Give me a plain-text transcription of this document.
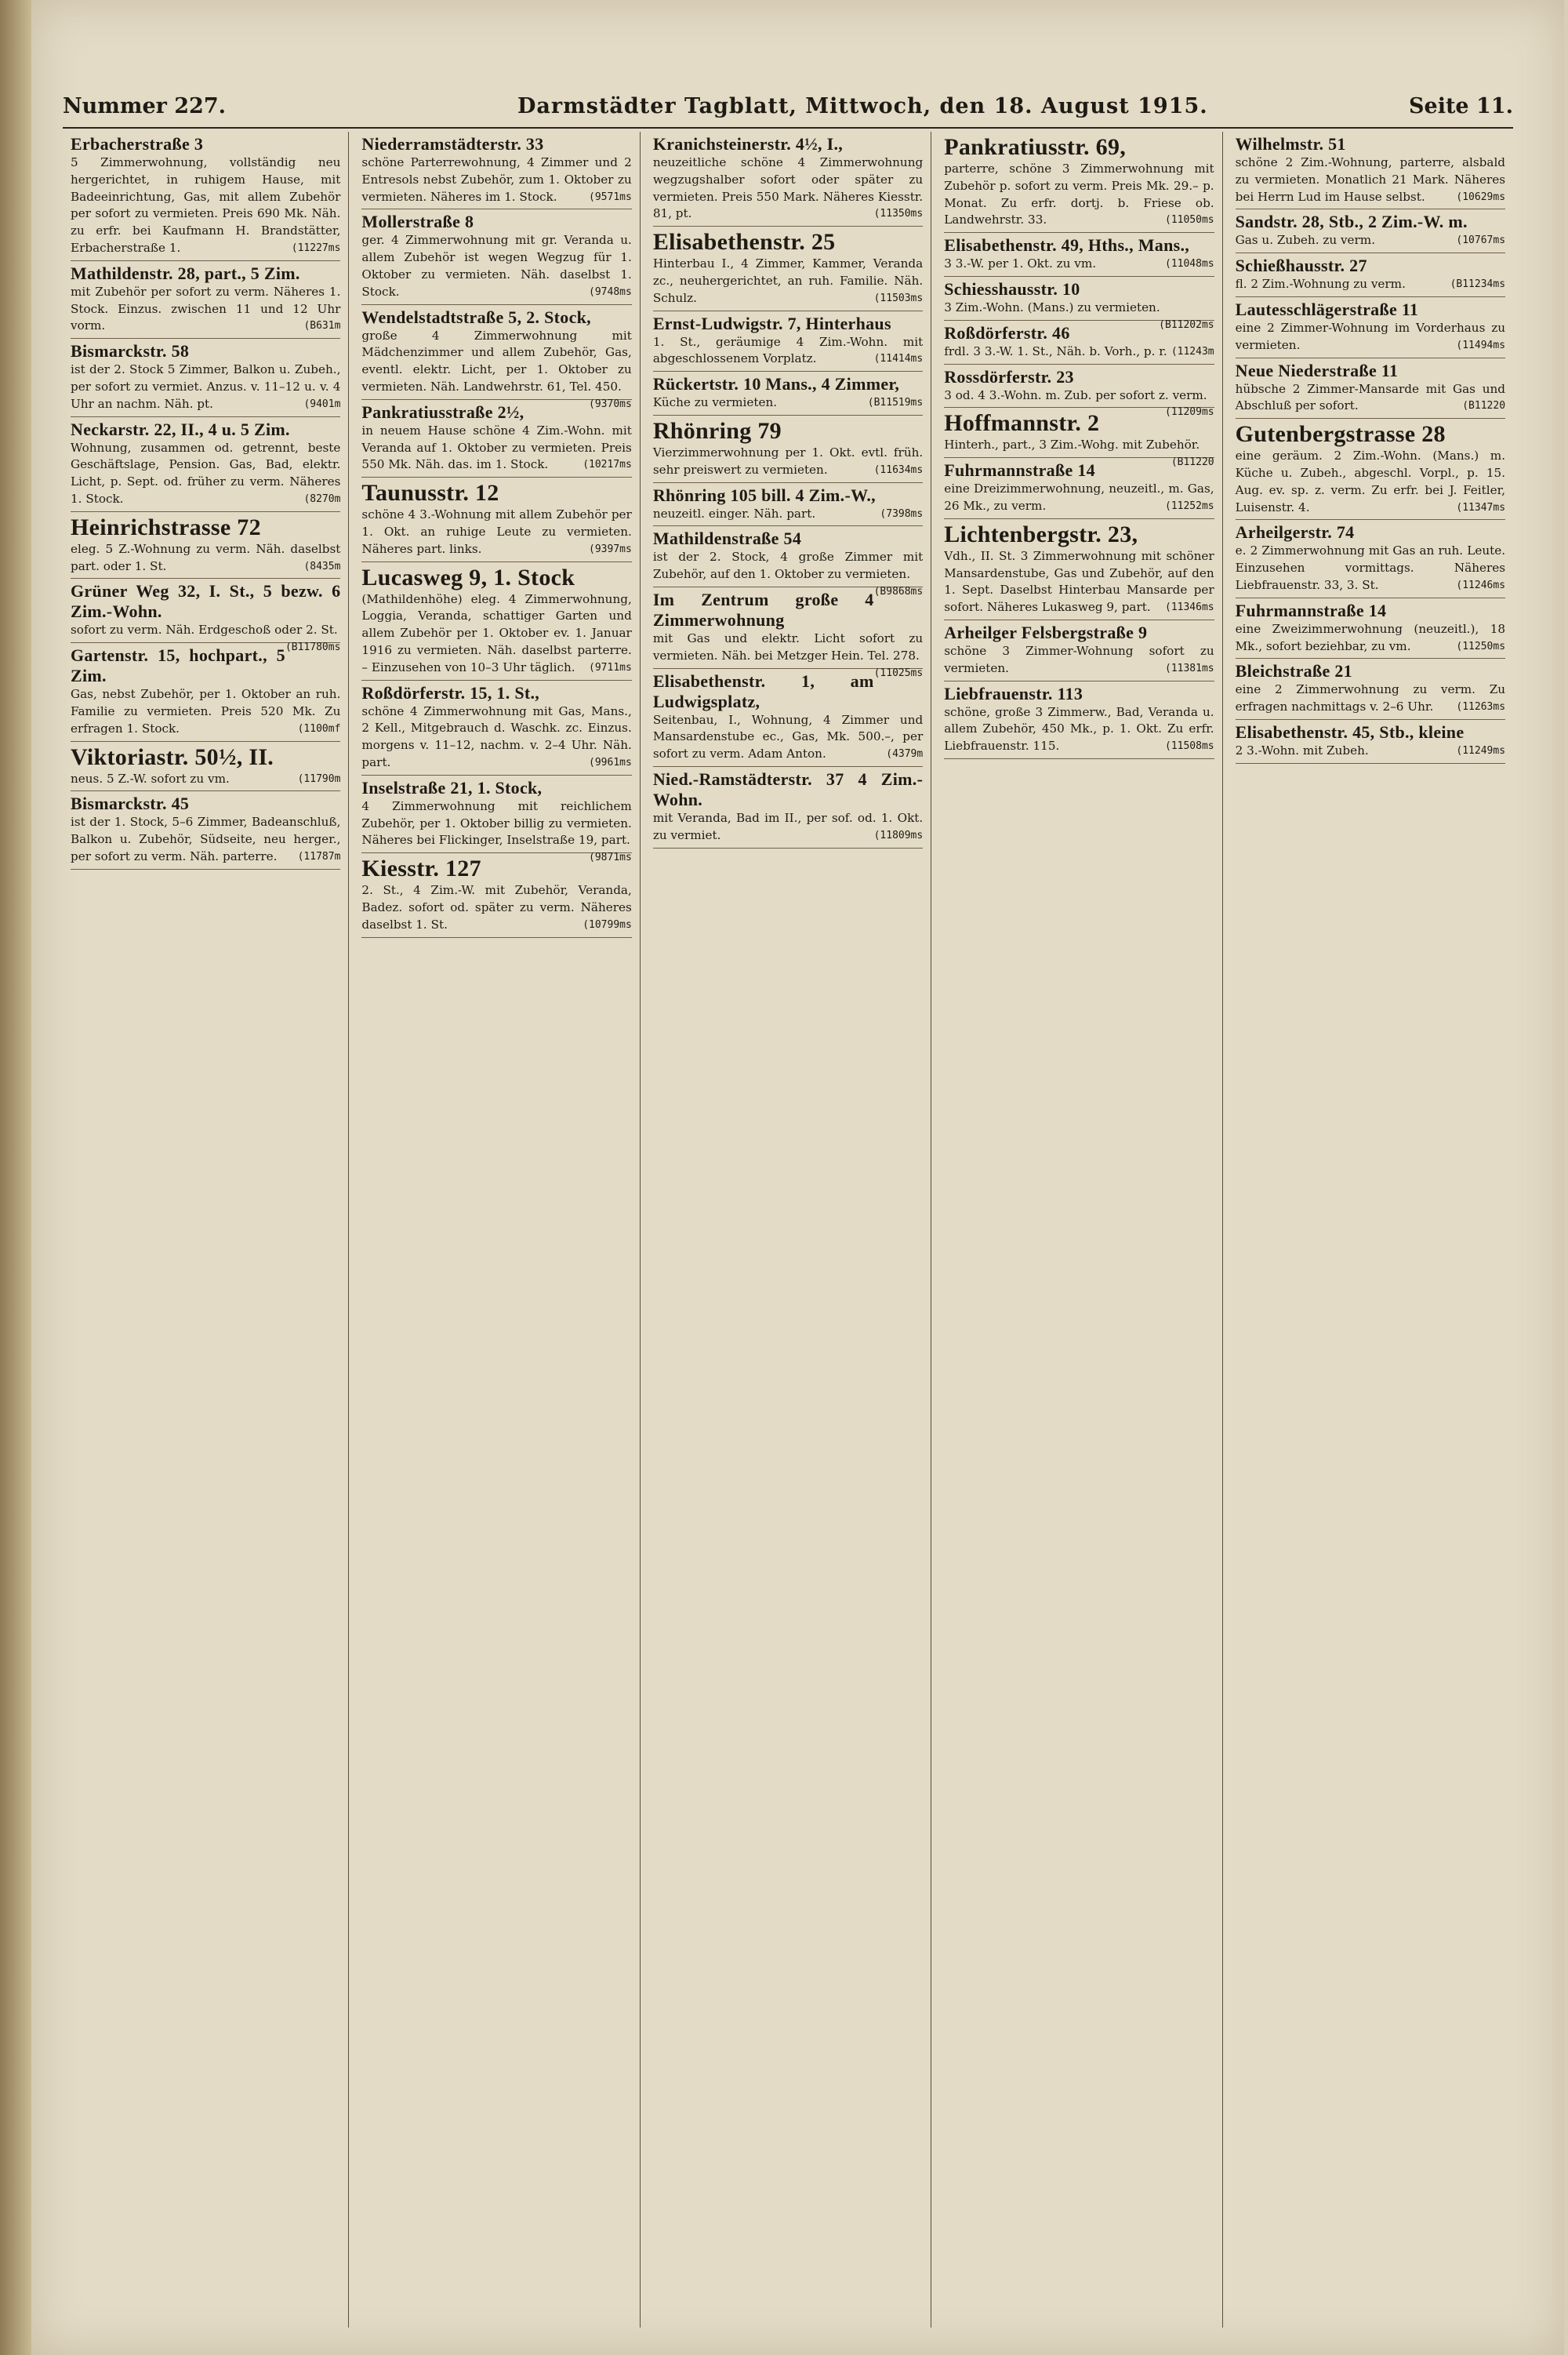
Nummer 227.	Darmstädter Tagblatt, Mittwoch, den 18. August 1915.	Seite 11.
Erbacherstraße 3
5 Zimmerwohnung, vollständig neu hergerichtet, in ruhigem Hause, mit Badeeinrichtung, Gas, mit allem Zubehör per sofort zu vermieten. Preis 690 Mk. Näh. zu erfr. bei Kaufmann H. Brandstätter, Erbacherstraße 1.	(11227ms
Mathildenstr. 28, part., 5 Zim.
mit Zubehör per sofort zu verm. Näheres 1. Stock. Einzus. zwischen 11 und 12 Uhr vorm.	(B631m
Bismarckstr. 58
ist der 2. Stock 5 Zimmer, Balkon u. Zubeh., per sofort zu vermiet. Anzus. v. 11–12 u. v. 4 Uhr an nachm. Näh. pt.	(9401m
Neckarstr. 22, II., 4 u. 5 Zim.
Wohnung, zusammen od. getrennt, beste Geschäftslage, Pension. Gas, Bad, elektr. Licht, p. Sept. od. früher zu verm. Näheres 1. Stock.	(8270m
Heinrichstrasse 72
eleg. 5 Z.-Wohnung zu verm. Näh. daselbst part. oder 1. St.	(8435m
Grüner Weg 32, I. St., 5 bezw. 6 Zim.-Wohn.
sofort zu verm. Näh. Erdgeschoß oder 2. St.
(B11780ms
Gartenstr. 15, hochpart., 5 Zim.
Gas, nebst Zubehör, per 1. Oktober an ruh. Familie zu vermieten. Preis 520 Mk. Zu erfragen 1. Stock.	(1100mf
Viktoriastr. 50½, II.
neus. 5 Z.-W. sofort zu vm.	(11790m
Bismarckstr. 45
ist der 1. Stock, 5–6 Zimmer, Badeanschluß, Balkon u. Zubehör, Südseite, neu herger., per sofort zu verm. Näh. parterre. (11787m
Niederramstädterstr. 33
schöne Parterrewohnung, 4 Zimmer und 2 Entresols nebst Zubehör, zum 1. Oktober zu vermieten. Näheres im 1. Stock.	(9571ms
Mollerstraße 8
ger. 4 Zimmerwohnung mit gr. Veranda u. allem Zubehör ist wegen Wegzug für 1. Oktober zu vermieten. Näh. daselbst 1. Stock.	(9748ms
Wendelstadtstraße 5, 2. Stock,
große 4 Zimmerwohnung mit Mädchenzimmer und allem Zubehör, Gas, eventl. elektr. Licht, per 1. Oktober zu vermieten. Näh. Landwehrstr. 61, Tel. 450.
(9370ms
Pankratiusstraße 2½,
in neuem Hause schöne 4 Zim.-Wohn. mit Veranda auf 1. Oktober zu vermieten. Preis 550 Mk. Näh. das. im 1. Stock.	(10217ms
Taunusstr. 12
schöne 4 3.-Wohnung mit allem Zubehör per 1. Okt. an ruhige Leute zu vermieten. Näheres part. links.	(9397ms
Lucasweg 9, 1. Stock
(Mathildenhöhe) eleg. 4 Zimmerwohnung, Loggia, Veranda, schattiger Garten und allem Zubehör per 1. Oktober ev. 1. Januar 1916 zu vermieten. Näh. daselbst parterre. – Einzusehen von 10–3 Uhr täglich. (9711ms
Roßdörferstr. 15, 1. St.,
schöne 4 Zimmerwohnung mit Gas, Mans., 2 Kell., Mitgebrauch d. Waschk. zc. Einzus. morgens v. 11–12, nachm. v. 2–4 Uhr. Näh. part.	(9961ms
Inselstraße 21, 1. Stock,
4 Zimmerwohnung mit reichlichem Zubehör, per 1. Oktober billig zu vermieten. Näheres bei Flickinger, Inselstraße 19, part.
(9871ms
Kiesstr. 127
2. St., 4 Zim.-W. mit Zubehör, Veranda, Badez. sofort od. später zu verm. Näheres daselbst 1. St.	(10799ms
Kranichsteinerstr. 4½, I.,
neuzeitliche schöne 4 Zimmerwohnung wegzugshalber sofort oder später zu vermieten. Preis 550 Mark. Näheres Kiesstr. 81, pt.	(11350ms
Elisabethenstr. 25
Hinterbau I., 4 Zimmer, Kammer, Veranda zc., neuhergerichtet, an ruh. Familie. Näh. Schulz.	(11503ms
Ernst-Ludwigstr. 7, Hinterhaus
1. St., geräumige 4 Zim.-Wohn. mit abgeschlossenem Vorplatz.	(11414ms
Rückertstr. 10 Mans., 4 Zimmer,
Küche zu vermieten.	(B11519ms
Rhönring 79
Vierzimmerwohnung per 1. Okt. evtl. früh. sehr preiswert zu vermieten.	(11634ms
Rhönring 105 bill. 4 Zim.-W.,
neuzeitl. einger. Näh. part.	(7398ms
Mathildenstraße 54
ist der 2. Stock, 4 große Zimmer mit Zubehör, auf den 1. Oktober zu vermieten.
(B9868ms
Im Zentrum große 4 Zimmerwohnung
mit Gas und elektr. Licht sofort zu vermieten. Näh. bei Metzger Hein. Tel. 278.
(11025ms
Elisabethenstr. 1, am Ludwigsplatz,
Seitenbau, I., Wohnung, 4 Zimmer und Mansardenstube ec., Gas, Mk. 500.–, per sofort zu verm. Adam Anton.	(4379m
Nied.-Ramstädterstr. 37 4 Zim.-Wohn.
mit Veranda, Bad im II., per sof. od. 1. Okt. zu vermiet.	(11809ms
Pankratiusstr. 69,
parterre, schöne 3 Zimmerwohnung mit Zubehör p. sofort zu verm. Preis Mk. 29.– p. Monat. Zu erfr. dortj. b. Friese ob. Landwehrstr. 33.	(11050ms
Elisabethenstr. 49, Hths., Mans.,
3 3.-W. per 1. Okt. zu vm.	(11048ms
Schiesshausstr. 10
3 Zim.-Wohn. (Mans.) zu vermieten.
(B11202ms
Roßdörferstr. 46
frdl. 3 3.-W. 1. St., Näh. b. Vorh., p. r. (11243m
Rossdörferstr. 23
3 od. 4 3.-Wohn. m. Zub. per sofort z. verm.
(11209ms
Hoffmannstr. 2
Hinterh., part., 3 Zim.-Wohg. mit Zubehör.
(B11220
Fuhrmannstraße 14
eine Dreizimmerwohnung, neuzeitl., m. Gas, 26 Mk., zu verm.	(11252ms
Lichtenbergstr. 23,
Vdh., II. St. 3 Zimmerwohnung mit schöner Mansardenstube, Gas und Zubehör, auf den 1. Sept. Daselbst Hinterbau Mansarde per sofort. Näheres Lukasweg 9, part. (11346ms
Arheilger Felsbergstraße 9
schöne 3 Zimmer-Wohnung sofort zu vermieten.	(11381ms
Liebfrauenstr. 113
schöne, große 3 Zimmerw., Bad, Veranda u. allem Zubehör, 450 Mk., p. 1. Okt. Zu erfr. Liebfrauenstr. 115.	(11508ms
Wilhelmstr. 51
schöne 2 Zim.-Wohnung, parterre, alsbald zu vermieten. Monatlich 21 Mark. Näheres bei Herrn Lud im Hause selbst.	(10629ms
Sandstr. 28, Stb., 2 Zim.-W. m.
Gas u. Zubeh. zu verm.	(10767ms
Schießhausstr. 27
fl. 2 Zim.-Wohnung zu verm.	(B11234ms
Lautesschlägerstraße 11
eine 2 Zimmer-Wohnung im Vorderhaus zu vermieten.	(11494ms
Neue Niederstraße 11
hübsche 2 Zimmer-Mansarde mit Gas und Abschluß per sofort.	(B11220
Gutenbergstrasse 28
eine geräum. 2 Zim.-Wohn. (Mans.) m. Küche u. Zubeh., abgeschl. Vorpl., p. 15. Aug. ev. sp. z. verm. Zu erfr. bei J. Feitler, Luisenstr. 4.	(11347ms
Arheilgerstr. 74
e. 2 Zimmerwohnung mit Gas an ruh. Leute. Einzusehen vormittags. Näheres Liebfrauenstr. 33, 3. St.	(11246ms
Fuhrmannstraße 14
eine Zweizimmerwohnung (neuzeitl.), 18 Mk., sofort beziehbar, zu vm.	(11250ms
Bleichstraße 21
eine 2 Zimmerwohnung zu verm. Zu erfragen nachmittags v. 2–6 Uhr. (11263ms
Elisabethenstr. 45, Stb., kleine
2 3.-Wohn. mit Zubeh.	(11249ms
